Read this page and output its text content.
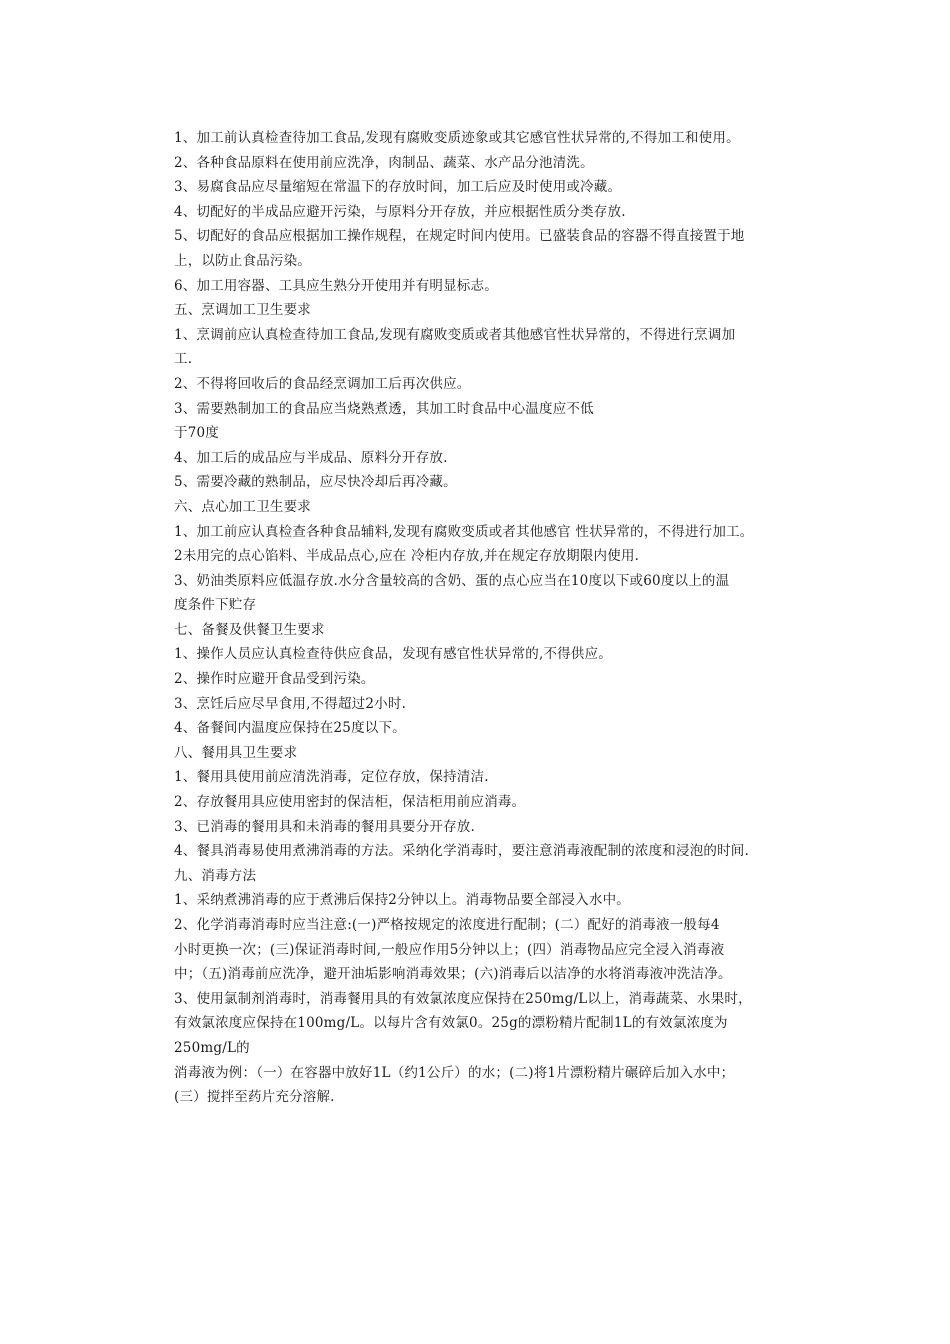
1、加工前认真检查待加工食品,发现有腐败变质迹象或其它感官性状异常的,不得加工和使用。
2、各种食品原料在使用前应洗净，肉制品、蔬菜、水产品分池清洗。
3、易腐食品应尽量缩短在常温下的存放时间，加工后应及时使用或冷藏。
4、切配好的半成品应避开污染，与原料分开存放，并应根据性质分类存放.
5、切配好的食品应根据加工操作规程，在规定时间内使用。已盛装食品的容器不得直接置于地
上，以防止食品污染。
6、加工用容器、工具应生熟分开使用并有明显标志。
五、烹调加工卫生要求
1、烹调前应认真检查待加工食品,发现有腐败变质或者其他感官性状异常的，不得进行烹调加
工.
2、不得将回收后的食品经烹调加工后再次供应。
3、需要熟制加工的食品应当烧熟煮透，其加工时食品中心温度应不低
于70度
4、加工后的成品应与半成品、原料分开存放.
5、需要冷藏的熟制品，应尽快冷却后再冷藏。
六、点心加工卫生要求
1、加工前应认真检查各种食品辅料,发现有腐败变质或者其他感官 性状异常的，不得进行加工。
2未用完的点心馅料、半成品点心,应在 冷柜内存放,并在规定存放期限内使用.
3、奶油类原料应低温存放.水分含量较高的含奶、蛋的点心应当在10度以下或60度以上的温
度条件下贮存
七、备餐及供餐卫生要求
1、操作人员应认真检查待供应食品，发现有感官性状异常的,不得供应。
2、操作时应避开食品受到污染。
3、烹饪后应尽早食用,不得超过2小时.
4、备餐间内温度应保持在25度以下。
八、餐用具卫生要求
1、餐用具使用前应清洗消毒，定位存放，保持清洁.
2、存放餐用具应使用密封的保洁柜，保洁柜用前应消毒。
3、已消毒的餐用具和未消毒的餐用具要分开存放.
4、餐具消毒易使用煮沸消毒的方法。采纳化学消毒时，要注意消毒液配制的浓度和浸泡的时间.
九、消毒方法
1、采纳煮沸消毒的应于煮沸后保持2分钟以上。消毒物品要全部浸入水中。
2、化学消毒消毒时应当注意:(一)严格按规定的浓度进行配制；(二）配好的消毒液一般每4
小时更换一次；(三)保证消毒时间,一般应作用5分钟以上；(四）消毒物品应完全浸入消毒液
中；（五)消毒前应洗净，避开油垢影响消毒效果；(六)消毒后以洁净的水将消毒液冲洗洁净。
3、使用氯制剂消毒时，消毒餐用具的有效氯浓度应保持在250mg/L以上，消毒蔬菜、水果时，
有效氯浓度应保持在100mg/L。以每片含有效氯0。25g的漂粉精片配制1L的有效氯浓度为
250mg/L的
消毒液为例：（一）在容器中放好1L（约1公斤）的水；(二)将1片漂粉精片碾碎后加入水中；
(三）搅拌至药片充分溶解.
